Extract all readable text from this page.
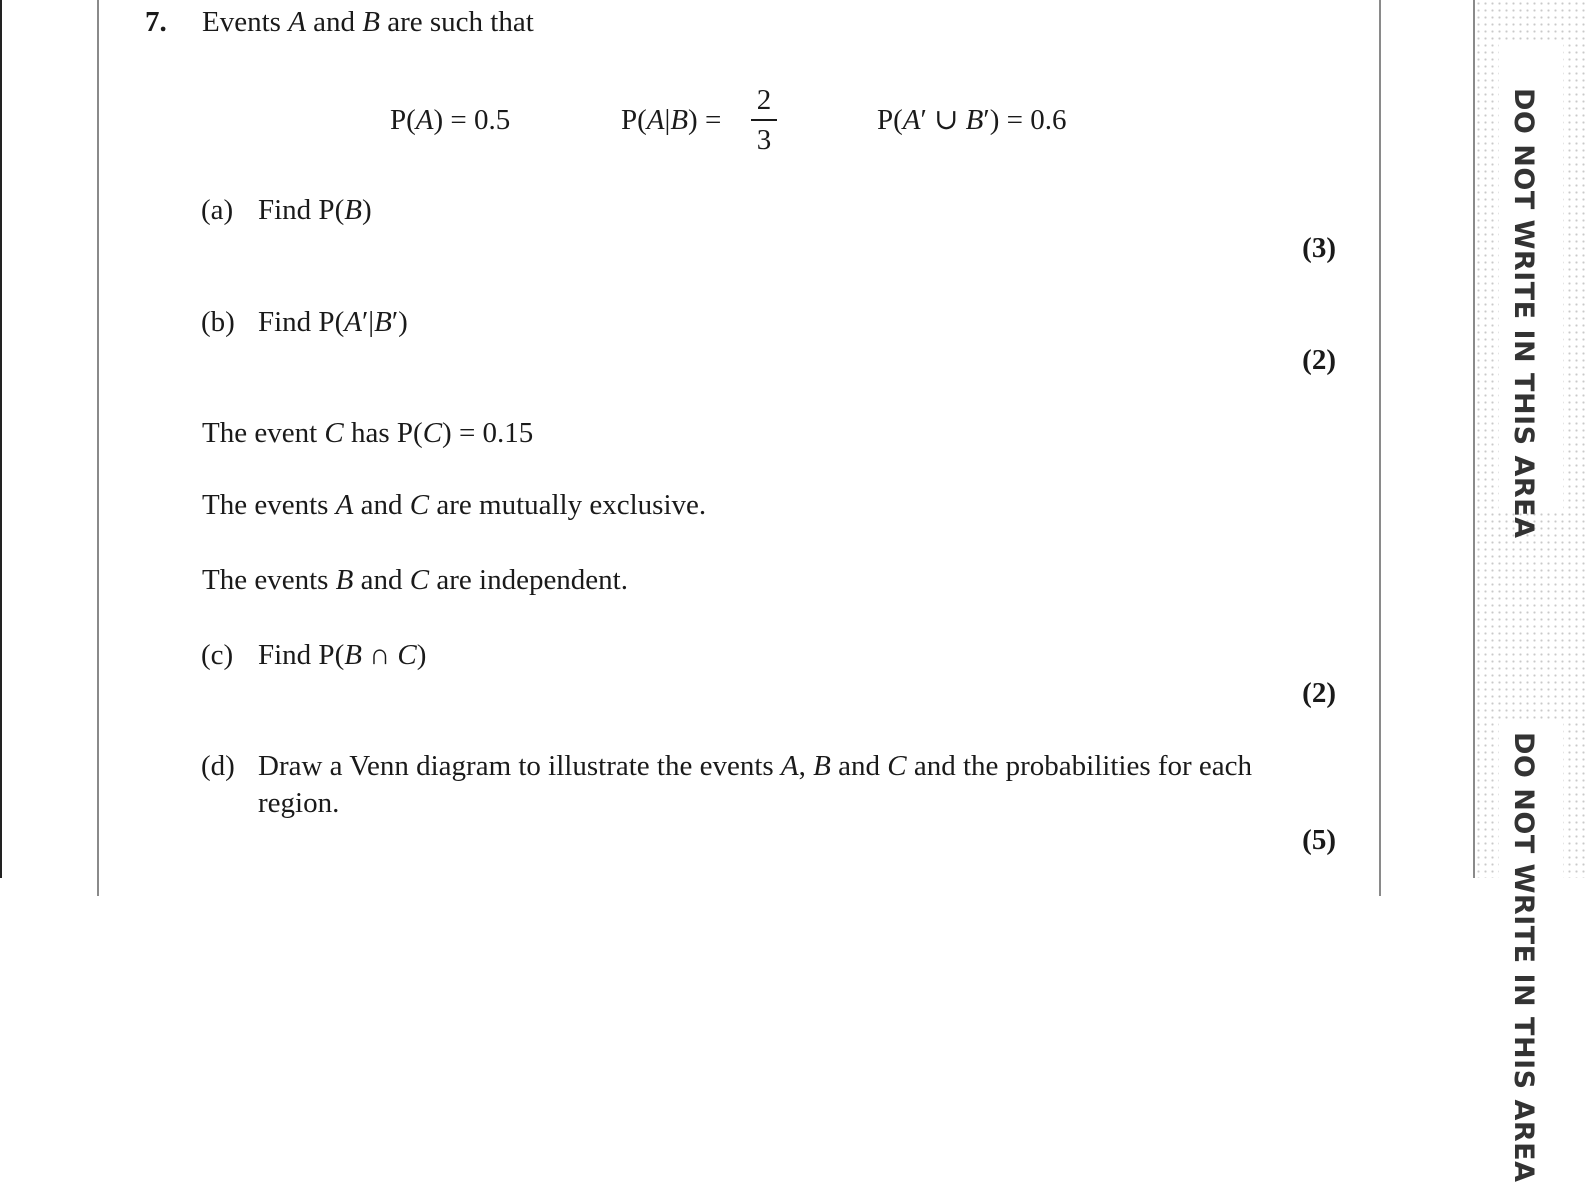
DO NOT WRITE IN THIS AREA
DO NOT WRITE IN THIS AREA
7. Events A and B are such that
P(A) = 0.5	P(A|B) =
2
3
P(A′ ∪ B′) = 0.6
(a) Find P(B)
(3)
(b) Find P(A′|B′)
(2)
The event C has P(C) = 0.15
The events A and C are mutually exclusive.
The events B and C are independent.
(c) Find P(B ∩ C)
(2)
(d) Draw a Venn diagram to illustrate the events A, B and C and the probabilities for each
region.
(5)
